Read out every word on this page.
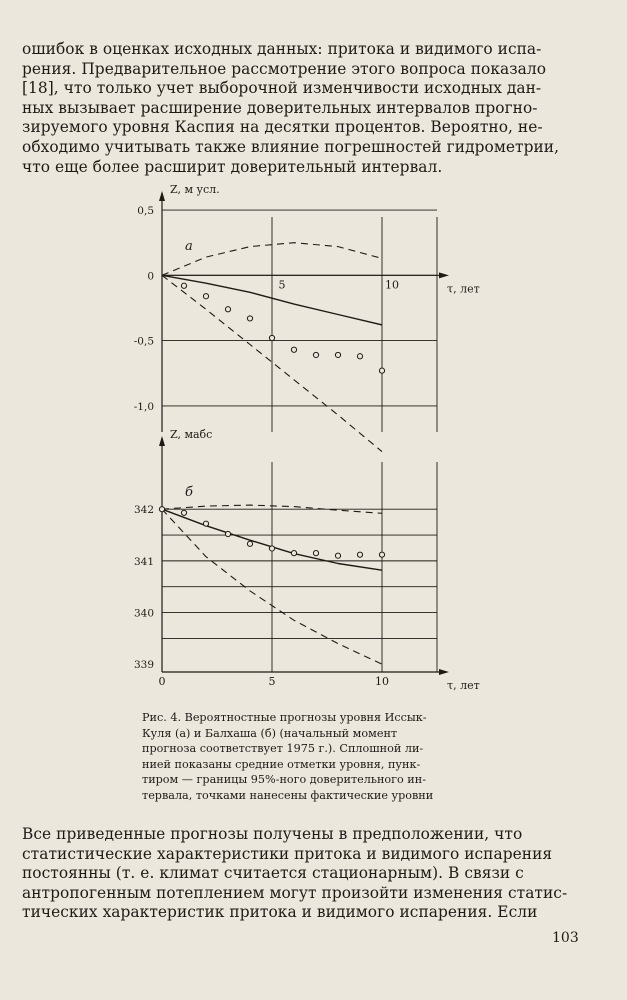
ошибок в оценках исходных данных: притока и видимого испа-
рения. Предварительное рассмотрение этого вопроса показало
[18], что только учет выборочной изменчивости исходных дан-
ных вызывает расширение доверительных интервалов прогно-
зируемого уровня Каспия на десятки процентов. Вероятно, не-
обходимо учитывать также влияние погрешностей гидрометрии,
что еще более расширит доверительный интервал.

Z, м усл.
τ, лет
а
0,5
0
-0,5
-1,0
5	10
Z, мабс
τ, лет
б
342
341
340
339
0	5	10

Рис. 4. Вероятностные прогнозы уровня Иссык-
Куля (а) и Балхаша (б) (начальный момент
прогноза соответствует 1975 г.). Сплошной ли-
нией показаны средние отметки уровня, пунк-
тиром — границы 95%-ного доверительного ин-
тервала, точками нанесены фактические уровни

Все приведенные прогнозы получены в предположении, что
статистические характеристики притока и видимого испарения
постоянны (т. е. климат считается стационарным). В связи с
антропогенным потеплением могут произойти изменения статис-
тических характеристик притока и видимого испарения. Если

103
